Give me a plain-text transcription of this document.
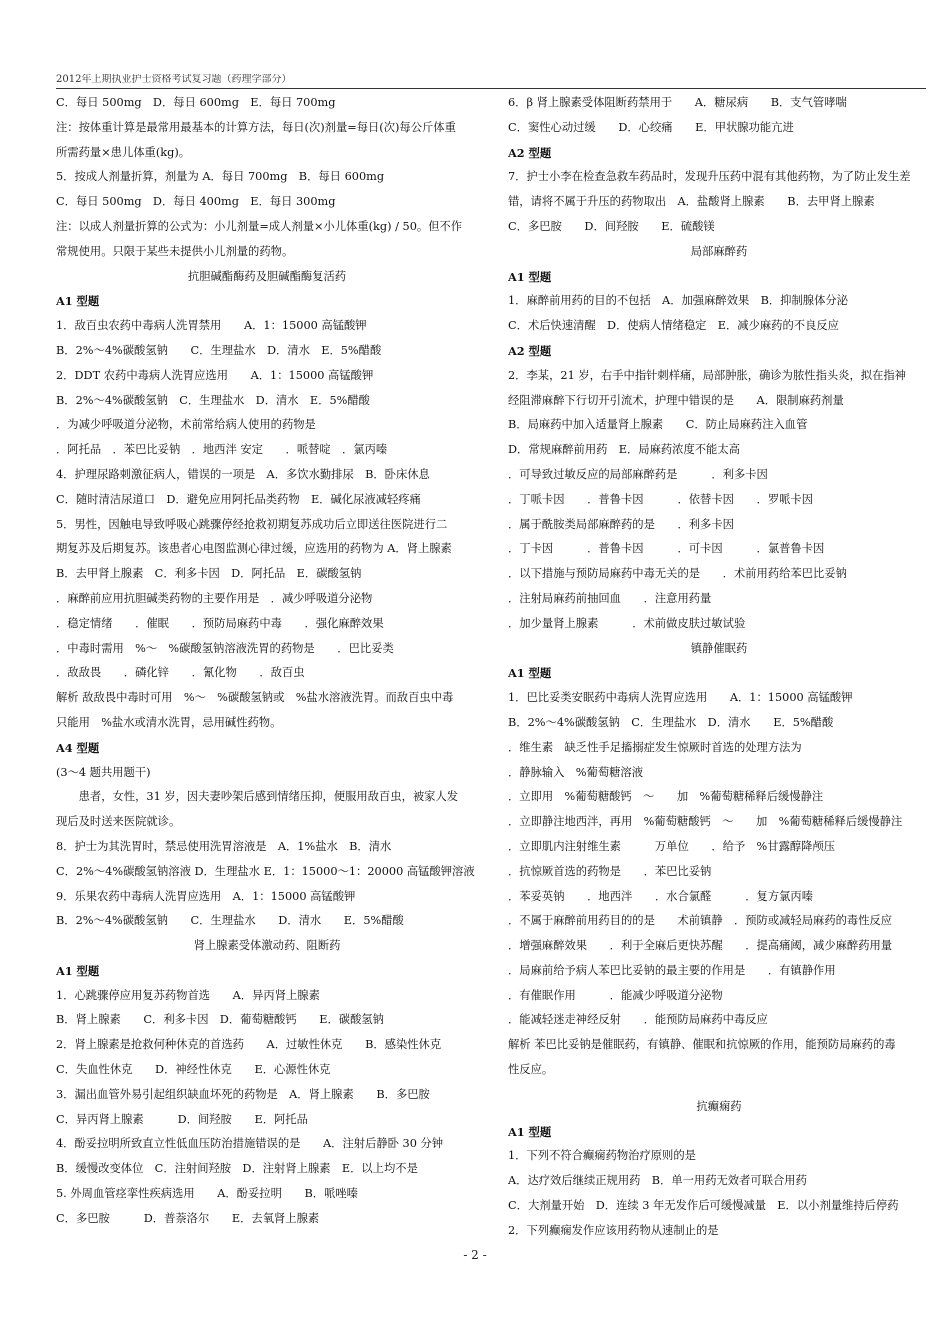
2012年上期执业护士资格考试复习题（药理学部分）
C．每日 500mg　D．每日 600mg　E．每日 700mg
注：按体重计算是最常用最基本的计算方法，每日(次)剂量=每日(次)每公斤体重
所需药量×患儿体重(kg)。
5．按成人剂量折算，剂量为 A．每日 700mg　B．每日 600mg
C．每日 500mg　D．每日 400mg　E．每日 300mg
注：以成人剂量折算的公式为：小儿剂量=成人剂量×小儿体重(kg) / 50。但不作
常规使用。只限于某些未提供小儿剂量的药物。
抗胆碱酯酶药及胆碱酯酶复活药
A1 型题
1．敌百虫农药中毒病人洗胃禁用　　A．1：15000 高锰酸钾
B．2%～4%碳酸氢钠　　C．生理盐水　D．清水　E．5%醋酸
2．DDT 农药中毒病人洗胃应选用　　A．1：15000 高锰酸钾
B．2%～4%碳酸氢钠　C．生理盐水　D．清水　E．5%醋酸
．为减少呼吸道分泌物，术前常给病人使用的药物是
．阿托品　．苯巴比妥钠　．地西泮 安定　　．哌替啶　．氯丙嗪
4．护理尿路刺激征病人，错误的一项是　A．多饮水勤排尿　B．卧床休息
C．随时清洁尿道口　D．避免应用阿托品类药物　E．碱化尿液减轻疼痛
5．男性，因触电导致呼吸心跳骤停经抢救初期复苏成功后立即送往医院进行二
期复苏及后期复苏。该患者心电图监测心律过缓，应选用的药物为 A．肾上腺素
B．去甲肾上腺素　C．利多卡因　D．阿托品　E．碳酸氢钠
．麻醉前应用抗胆碱类药物的主要作用是　．减少呼吸道分泌物
．稳定情绪　　．催眠　　．预防局麻药中毒　　．强化麻醉效果
．中毒时需用　%～　%碳酸氢钠溶液洗胃的药物是　　．巴比妥类
．敌敌畏　　．磷化锌　　．氰化物　　．敌百虫
解析 敌敌畏中毒时可用　%～　%碳酸氢钠或　%盐水溶液洗胃。而敌百虫中毒
只能用　%盐水或清水洗胃，忌用碱性药物。
A4 型题
(3～4 题共用题干)
　　患者，女性，31 岁，因夫妻吵架后感到情绪压抑，便服用敌百虫，被家人发
现后及时送来医院就诊。
8．护士为其洗胃时，禁忌使用洗胃溶液是　A．1%盐水　B．清水
C．2%～4%碳酸氢钠溶液 D．生理盐水 E．1：15000～1：20000 高锰酸钾溶液
9．乐果农药中毒病人洗胃应选用　A．1：15000 高锰酸钾
B．2%～4%碳酸氢钠　　C．生理盐水　　D．清水　　E．5%醋酸
肾上腺素受体激动药、阻断药
A1 型题
1．心跳骤停应用复苏药物首选　　A．异丙肾上腺素
B．肾上腺素　　C．利多卡因　D．葡萄糖酸钙　　E．碳酸氢钠
2．肾上腺素是抢救何种休克的首选药　　A．过敏性休克　　B．感染性休克
C．失血性休克　　D．神经性休克　　E．心源性休克
3．漏出血管外易引起组织缺血坏死的药物是　A．肾上腺素　　B．多巴胺
C．异丙肾上腺素　　　D．间羟胺　　E．阿托品
4．酚妥拉明所致直立性低血压防治措施错误的是　　A．注射后静卧 30 分钟
B．缓慢改变体位　C．注射间羟胺　D．注射肾上腺素　E．以上均不是
5. 外周血管痉挛性疾病选用　　A．酚妥拉明　　B．哌唑嗪
C．多巴胺　　　D．普萘洛尔　　E．去氧肾上腺素
6．β 肾上腺素受体阻断药禁用于　　A．糖尿病　　B．支气管哮喘
C．窦性心动过缓　　D．心绞痛　　E．甲状腺功能亢进
A2 型题
7．护士小李在检查急救车药品时，发现升压药中混有其他药物，为了防止发生差
错，请将不属于升压的药物取出　A．盐酸肾上腺素　　B．去甲肾上腺素
C．多巴胺　　D．间羟胺　　E．硫酸镁
局部麻醉药
A1 型题
1．麻醉前用药的目的不包括　A．加强麻醉效果　B．抑制腺体分泌
C．术后快速清醒　D．使病人情绪稳定　E．减少麻药的不良反应
A2 型题
2．李某，21 岁，右手中指针刺样痛，局部肿胀，确诊为脓性指头炎，拟在指神
经阻滞麻醉下行切开引流术，护理中错误的是　　A．限制麻药剂量
B．局麻药中加入适量肾上腺素　　C．防止局麻药注入血管
D．常规麻醉前用药　E．局麻药浓度不能太高
．可导致过敏反应的局部麻醉药是　　　．利多卡因
．丁哌卡因　　．普鲁卡因　　　．依替卡因　　．罗哌卡因
．属于酰胺类局部麻醉药的是　　．利多卡因
．丁卡因　　　．普鲁卡因　　　．可卡因　　　．氯普鲁卡因
．以下措施与预防局麻药中毒无关的是　　．术前用药给苯巴比妥钠
．注射局麻药前抽回血　　．注意用药量
．加少量肾上腺素　　　．术前做皮肤过敏试验
镇静催眠药
A1 型题
1．巴比妥类安眠药中毒病人洗胃应选用　　A．1：15000 高锰酸钾
B．2%～4%碳酸氢钠　C．生理盐水　D．清水　　E．5%醋酸
．维生素　缺乏性手足搐搦症发生惊厥时首选的处理方法为
．静脉输入　%葡萄糖溶液
．立即用　%葡萄糖酸钙　～　　加　%葡萄糖稀释后缓慢静注
．立即静注地西泮，再用　%葡萄糖酸钙　～　　加　%葡萄糖稀释后缓慢静注
．立即肌内注射维生素　　　万单位　　．给予　%甘露醇降颅压
．抗惊厥首选的药物是　　．苯巴比妥钠
．苯妥英钠　　．地西泮　　．水合氯醛　　　．复方氯丙嗪
．不属于麻醉前用药目的的是　　术前镇静　．预防或减轻局麻药的毒性反应
．增强麻醉效果　　．利于全麻后更快苏醒　　．提高痛阈，减少麻醉药用量
．局麻前给予病人苯巴比妥钠的最主要的作用是　　．有镇静作用
．有催眠作用　　　．能减少呼吸道分泌物
．能减轻迷走神经反射　　．能预防局麻药中毒反应
解析 苯巴比妥钠是催眠药，有镇静、催眠和抗惊厥的作用，能预防局麻药的毒
性反应。
抗癫痫药
A1 型题
1．下列不符合癫痫药物治疗原则的是
A．达疗效后继续正规用药　B．单一用药无效者可联合用药
C．大剂量开始　D．连续 3 年无发作后可缓慢减量　E．以小剂量维持后停药
2．下列癫痫发作应该用药物从速制止的是
- 2 -
